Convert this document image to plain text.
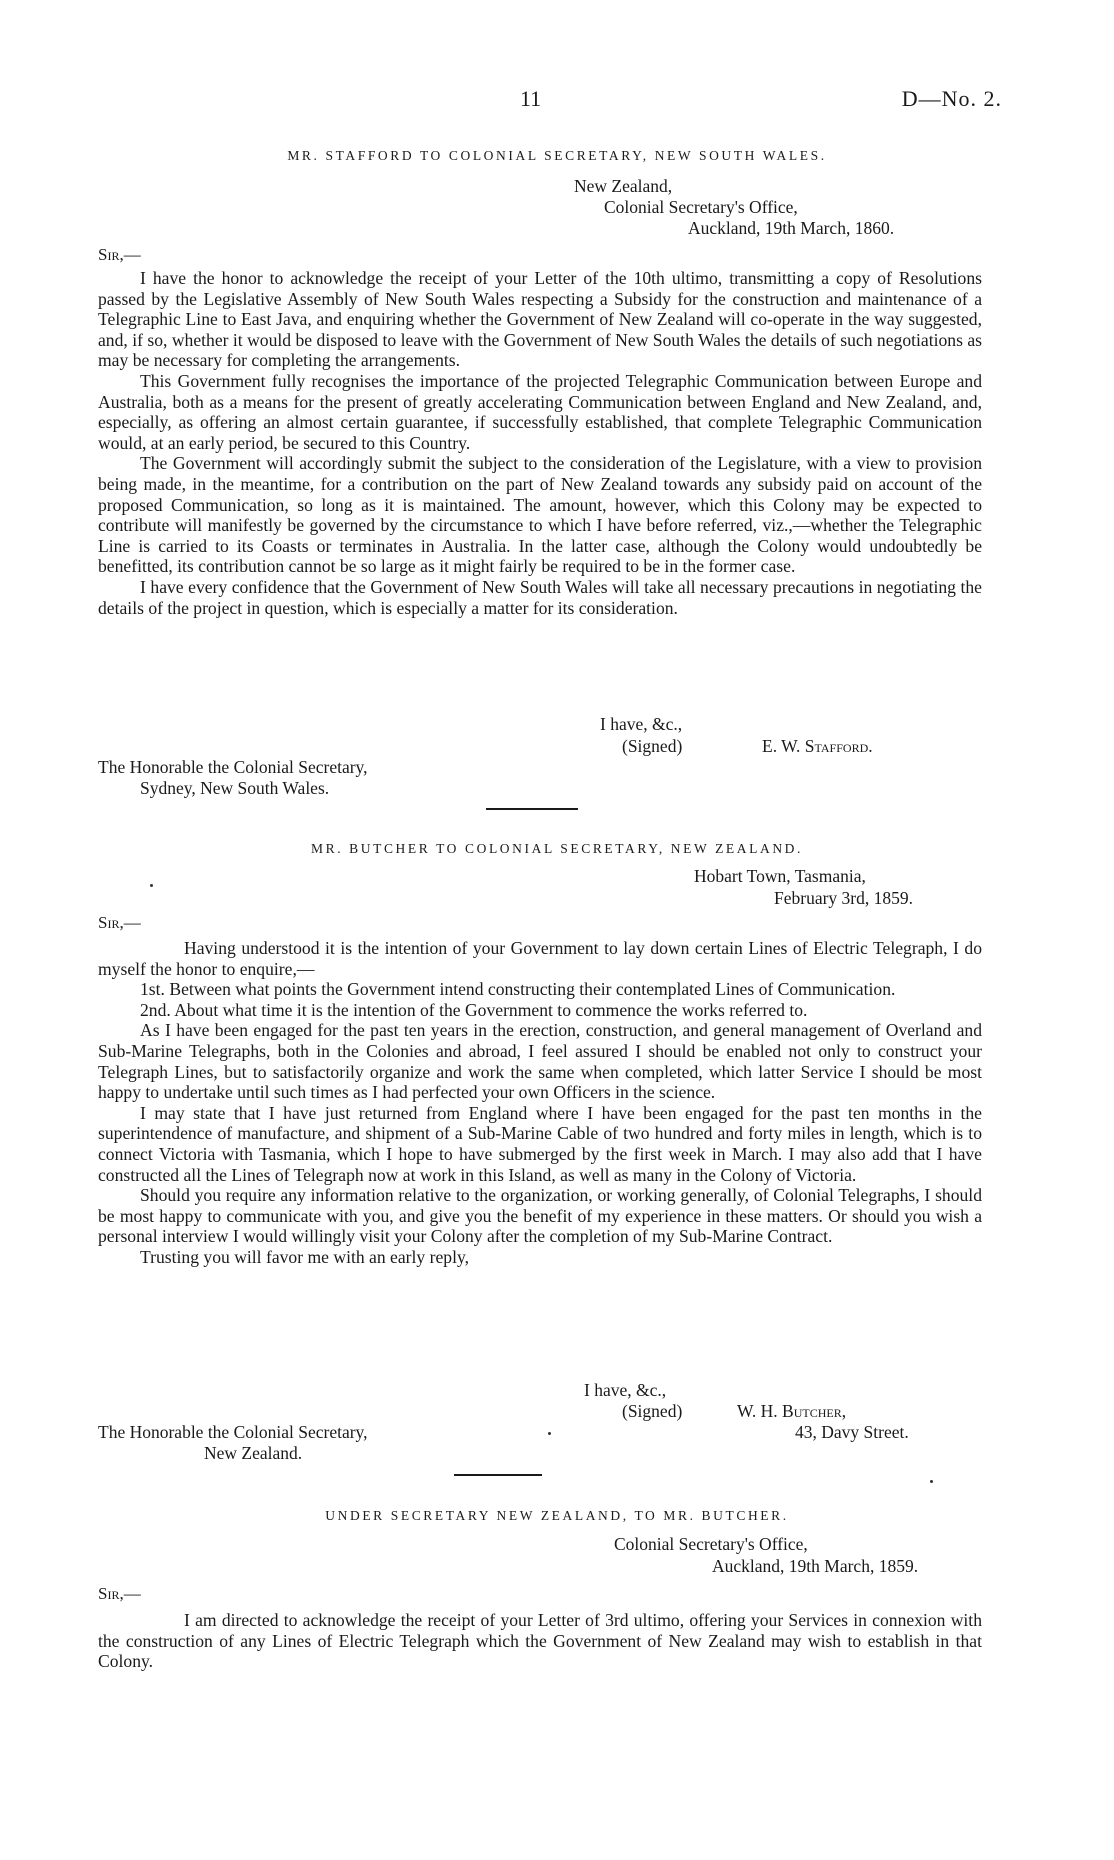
11	D—No. 2.
MR. STAFFORD TO COLONIAL SECRETARY, NEW SOUTH WALES.
New Zealand,
Colonial Secretary's Office,
Auckland, 19th March, 1860.
Sir,—

I have the honor to acknowledge the receipt of your Letter of the 10th ultimo, transmitting a copy of Resolutions passed by the Legislative Assembly of New South Wales respecting a Subsidy for the construction and maintenance of a Telegraphic Line to East Java, and enquiring whether the Government of New Zealand will co-operate in the way suggested, and, if so, whether it would be disposed to leave with the Government of New South Wales the details of such negotiations as may be necessary for completing the arrangements.

This Government fully recognises the importance of the projected Telegraphic Communication between Europe and Australia, both as a means for the present of greatly accelerating Communication between England and New Zealand, and, especially, as offering an almost certain guarantee, if successfully established, that complete Telegraphic Communication would, at an early period, be secured to this Country.

The Government will accordingly submit the subject to the consideration of the Legislature, with a view to provision being made, in the meantime, for a contribution on the part of New Zealand towards any subsidy paid on account of the proposed Communication, so long as it is maintained. The amount, however, which this Colony may be expected to contribute will manifestly be governed by the circumstance to which I have before referred, viz.,—whether the Telegraphic Line is carried to its Coasts or terminates in Australia. In the latter case, although the Colony would undoubtedly be benefitted, its contribution cannot be so large as it might fairly be required to be in the former case.

I have every confidence that the Government of New South Wales will take all necessary precautions in negotiating the details of the project in question, which is especially a matter for its consideration.

I have, &c.,
(Signed)	E. W. Stafford.
The Honorable the Colonial Secretary,
Sydney, New South Wales.
MR. BUTCHER TO COLONIAL SECRETARY, NEW ZEALAND.
Hobart Town, Tasmania,
February 3rd, 1859.
Sir,—

Having understood it is the intention of your Government to lay down certain Lines of Electric Telegraph, I do myself the honor to enquire,—

1st. Between what points the Government intend constructing their contemplated Lines of Communication.

2nd. About what time it is the intention of the Government to commence the works referred to.

As I have been engaged for the past ten years in the erection, construction, and general management of Overland and Sub-Marine Telegraphs, both in the Colonies and abroad, I feel assured I should be enabled not only to construct your Telegraph Lines, but to satisfactorily organize and work the same when completed, which latter Service I should be most happy to undertake until such times as I had perfected your own Officers in the science.

I may state that I have just returned from England where I have been engaged for the past ten months in the superintendence of manufacture, and shipment of a Sub-Marine Cable of two hundred and forty miles in length, which is to connect Victoria with Tasmania, which I hope to have submerged by the first week in March. I may also add that I have constructed all the Lines of Telegraph now at work in this Island, as well as many in the Colony of Victoria.

Should you require any information relative to the organization, or working generally, of Colonial Telegraphs, I should be most happy to communicate with you, and give you the benefit of my experience in these matters. Or should you wish a personal interview I would willingly visit your Colony after the completion of my Sub-Marine Contract.

Trusting you will favor me with an early reply,

I have, &c.,
(Signed)	W. H. Butcher,
The Honorable the Colonial Secretary,	43, Davy Street.
New Zealand.
UNDER SECRETARY NEW ZEALAND, TO MR. BUTCHER.
Colonial Secretary's Office,
Auckland, 19th March, 1859.
Sir,—

I am directed to acknowledge the receipt of your Letter of 3rd ultimo, offering your Services in connexion with the construction of any Lines of Electric Telegraph which the Government of New Zealand may wish to establish in that Colony.
